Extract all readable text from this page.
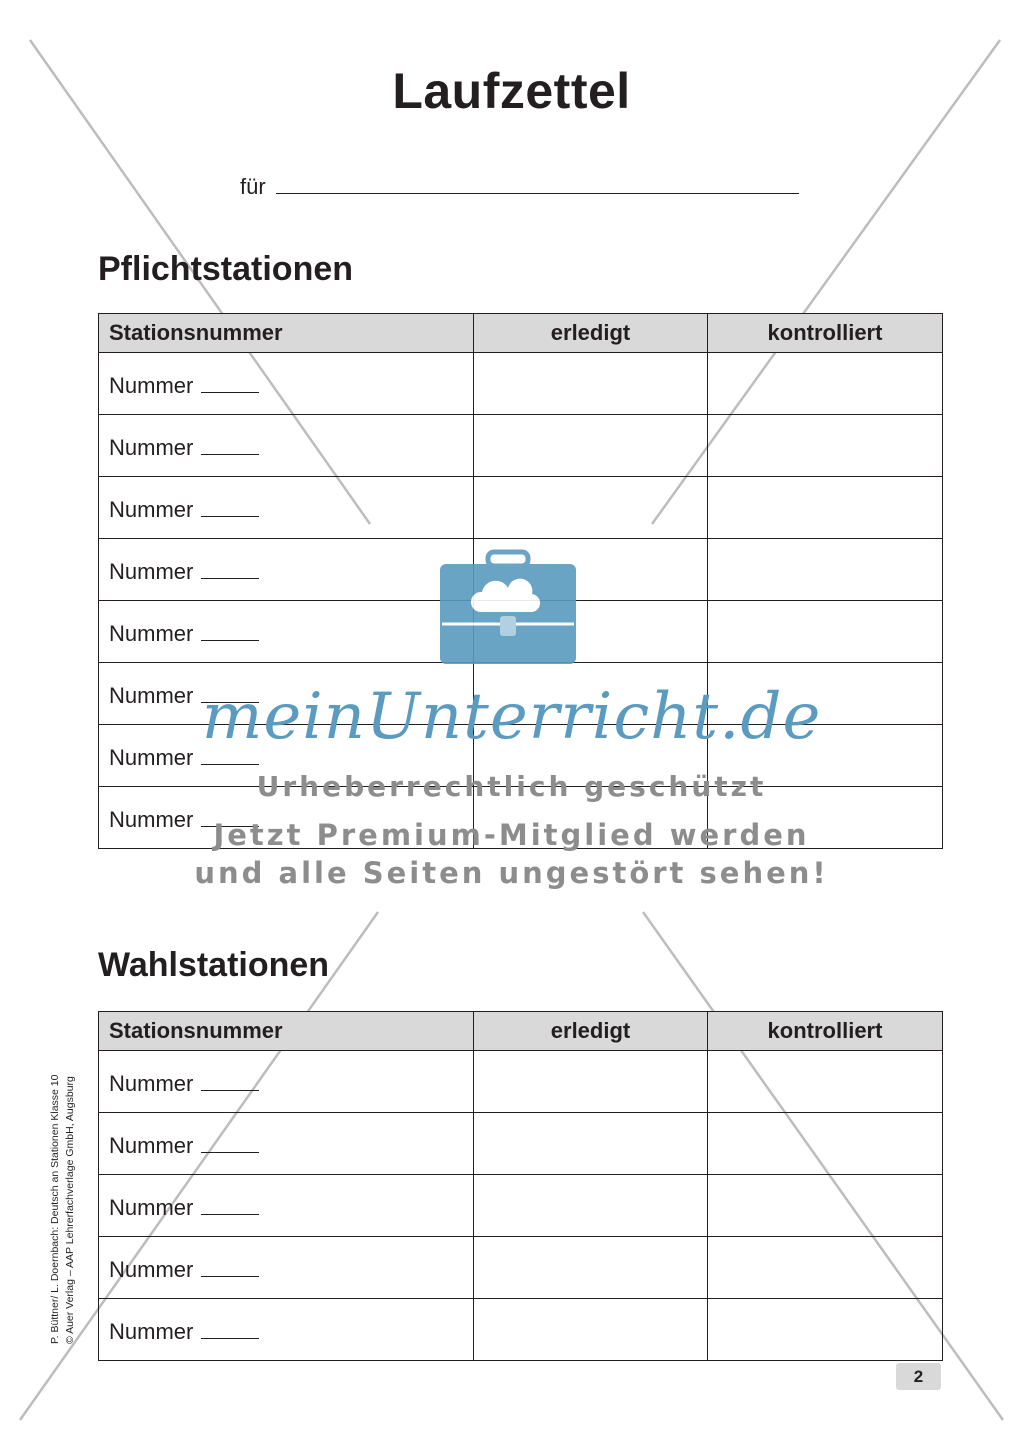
Laufzettel
für
Pflichtstationen
Stationsnummer	erledigt	kontrolliert
Nummer		
Nummer		
Nummer		
Nummer		
Nummer		
Nummer		
Nummer		
Nummer		
Wahlstationen
Stationsnummer	erledigt	kontrolliert
Nummer		
Nummer		
Nummer		
Nummer		
Nummer		
meinUnterricht.de
Urheberrechtlich geschützt
Jetzt Premium-Mitglied werden
und alle Seiten ungestört sehen!
P. Büttner/ L. Doernbach: Deutsch an Stationen Klasse 10 © Auer Verlag – AAP Lehrerfachverlage GmbH, Augsburg
2
